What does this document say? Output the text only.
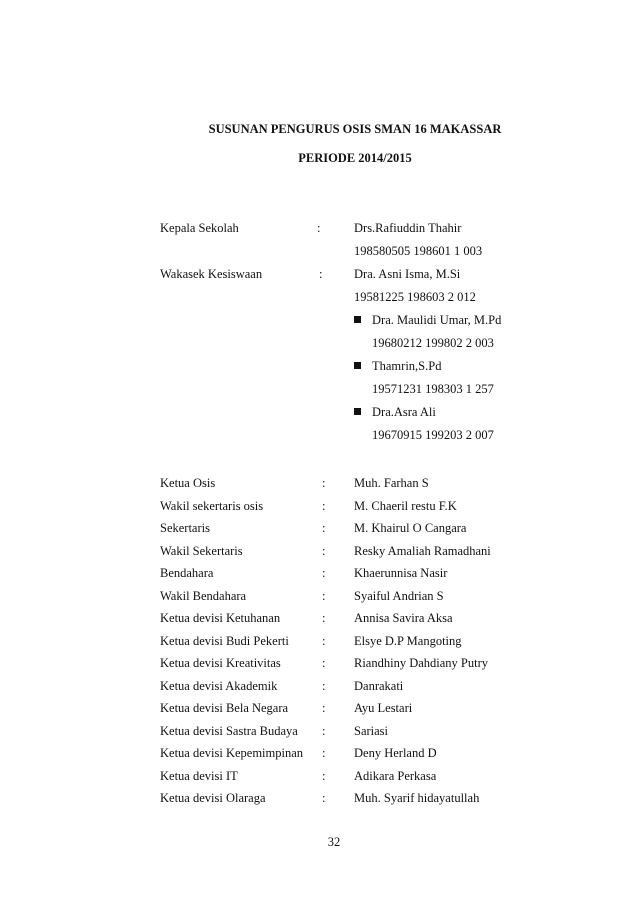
SUSUNAN PENGURUS OSIS SMAN 16 MAKASSAR
PERIODE 2014/2015
Kepala Sekolah	:	Drs.Rafiuddin Thahir
198580505 198601 1 003
Wakasek Kesiswaan	:	Dra. Asni Isma, M.Si
19581225 198603 2 012
Dra. Maulidi Umar, M.Pd
19680212 199802 2 003
Thamrin,S.Pd
19571231 198303 1 257
Dra.Asra Ali
19670915 199203 2 007
Ketua Osis	: Muh. Farhan S
Wakil sekertaris osis	: M. Chaeril restu F.K
Sekertaris	: M. Khairul O Cangara
Wakil Sekertaris	: Resky Amaliah Ramadhani
Bendahara	: Khaerunnisa Nasir
Wakil Bendahara	: Syaiful Andrian S
Ketua devisi Ketuhanan	: Annisa Savira Aksa
Ketua devisi Budi Pekerti	: Elsye D.P Mangoting
Ketua devisi Kreativitas	: Riandhiny Dahdiany Putry
Ketua devisi Akademik	: Danrakati
Ketua devisi Bela Negara	: Ayu Lestari
Ketua devisi Sastra Budaya : Sariasi
Ketua devisi Kepemimpinan : Deny Herland D
Ketua devisi IT	: Adikara Perkasa
Ketua devisi Olaraga	: Muh. Syarif hidayatullah
32
